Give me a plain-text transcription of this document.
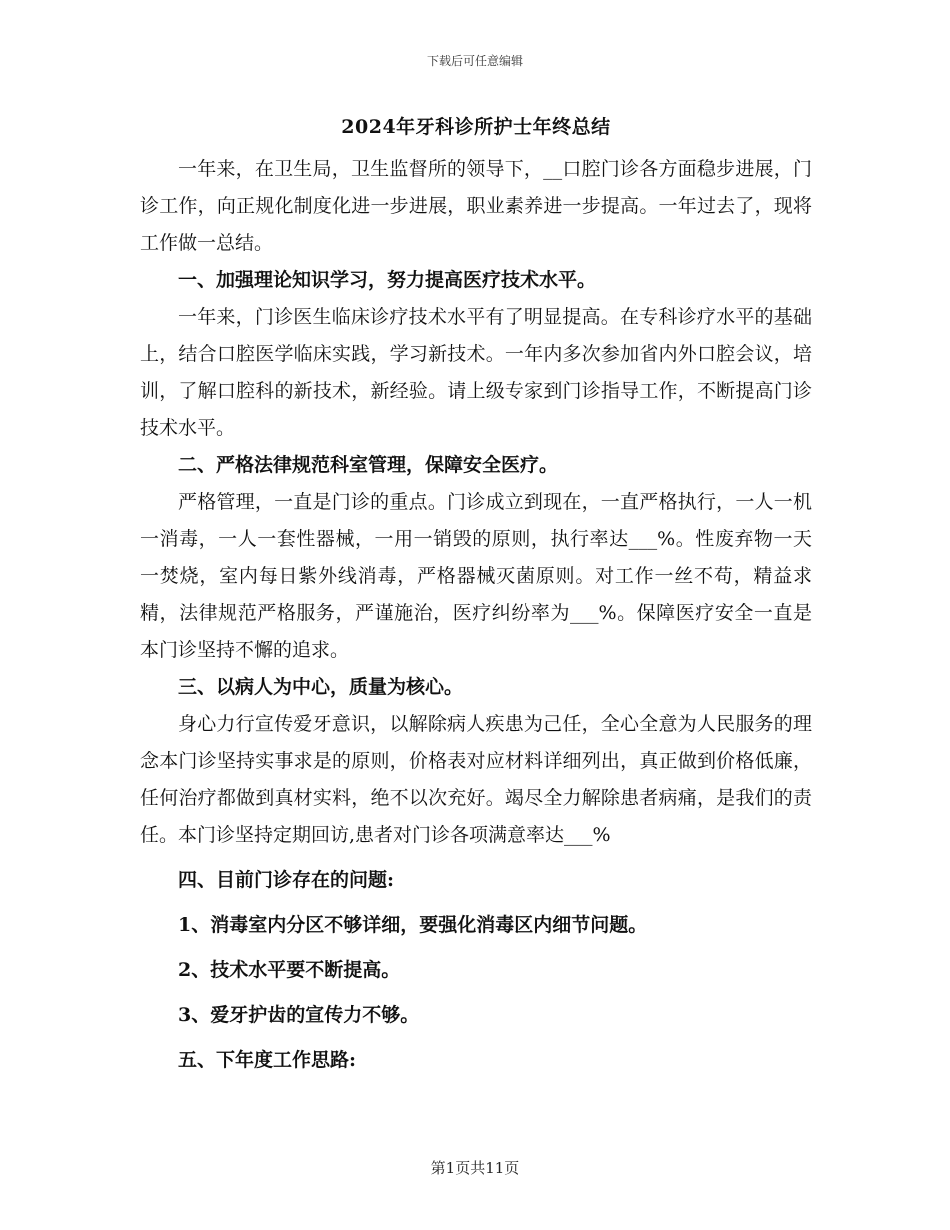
下载后可任意编辑

2024年牙科诊所护士年终总结

一年来，在卫生局，卫生监督所的领导下，__口腔门诊各方面稳步进展，门诊工作，向正规化制度化进一步进展，职业素养进一步提高。一年过去了，现将工作做一总结。

一、加强理论知识学习，努力提高医疗技术水平。

一年来，门诊医生临床诊疗技术水平有了明显提高。在专科诊疗水平的基础上，结合口腔医学临床实践，学习新技术。一年内多次参加省内外口腔会议，培训，了解口腔科的新技术，新经验。请上级专家到门诊指导工作，不断提高门诊技术水平。

二、严格法律规范科室管理，保障安全医疗。

严格管理，一直是门诊的重点。门诊成立到现在，一直严格执行，一人一机一消毒，一人一套性器械，一用一销毁的原则，执行率达___%。性废弃物一天一焚烧，室内每日紫外线消毒，严格器械灭菌原则。对工作一丝不苟，精益求精，法律规范严格服务，严谨施治，医疗纠纷率为___%。保障医疗安全一直是本门诊坚持不懈的追求。

三、以病人为中心，质量为核心。

身心力行宣传爱牙意识，以解除病人疾患为己任，全心全意为人民服务的理念本门诊坚持实事求是的原则，价格表对应材料详细列出，真正做到价格低廉，任何治疗都做到真材实料，绝不以次充好。竭尽全力解除患者病痛，是我们的责任。本门诊坚持定期回访,患者对门诊各项满意率达___%

四、目前门诊存在的问题:

1、消毒室内分区不够详细，要强化消毒区内细节问题。

2、技术水平要不断提高。

3、爱牙护齿的宣传力不够。

五、下年度工作思路:

第1页共11页
